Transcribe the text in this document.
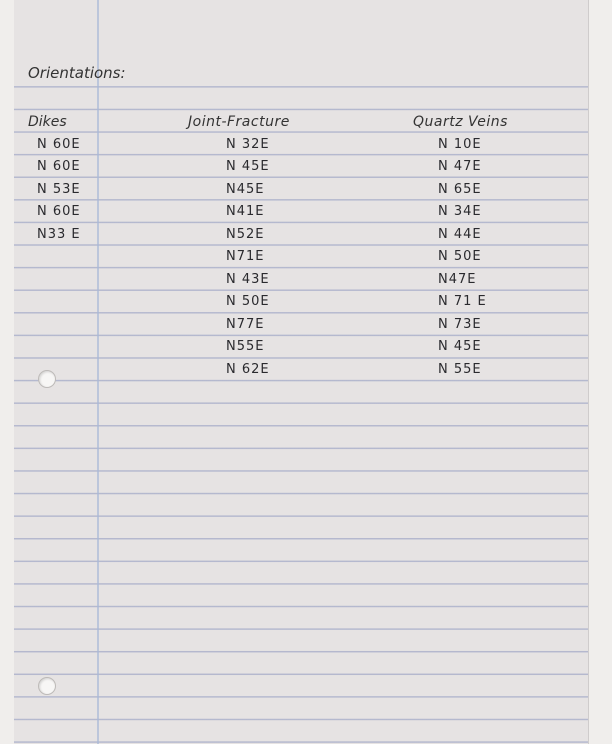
Orientations:
Dikes	Joint-Fracture	Quartz Veins
N 60E
N 60E
N 53E
N 60E
N33 E
N 32E
N 45E
N45E
N41E
N52E
N71E
N 43E
N 50E
N77E
N55E
N 62E
N 10E
N 47E
N 65E
N 34E
N 44E
N 50E
N47E
N 71 E
N 73E
N 45E
N 55E
